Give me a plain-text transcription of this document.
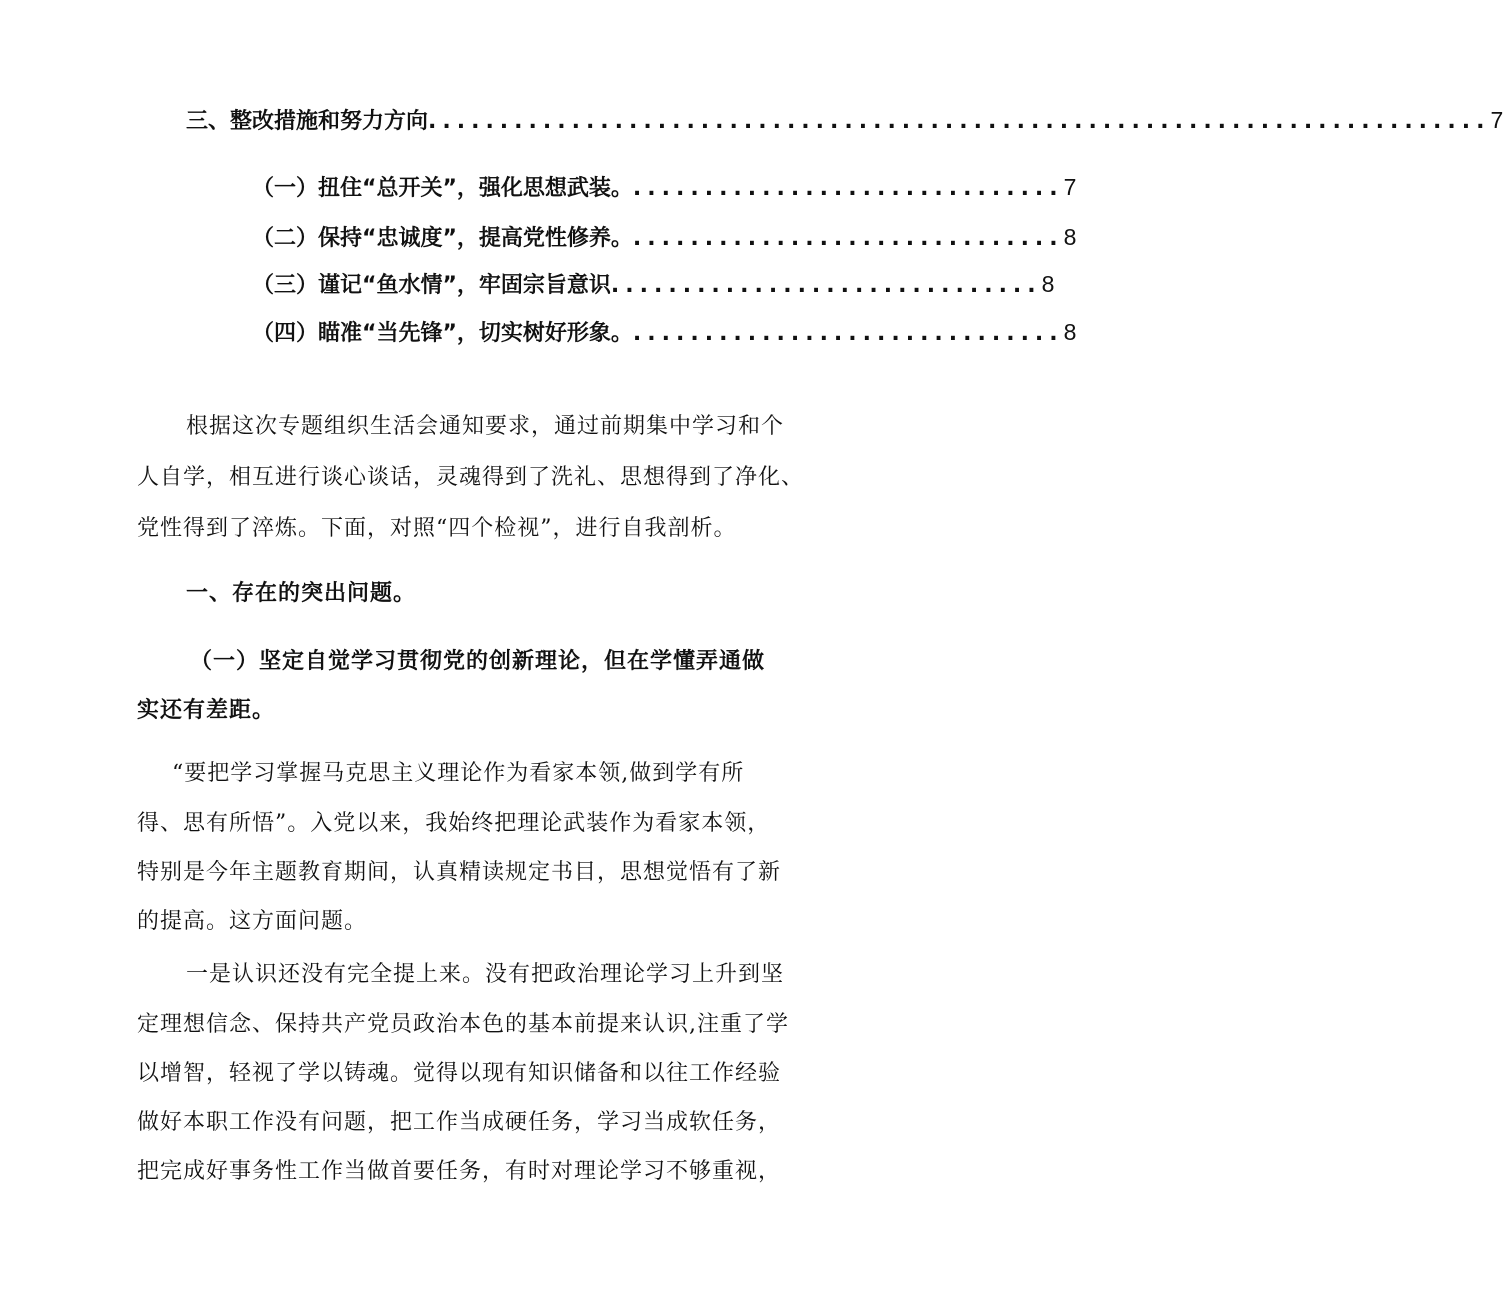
三、整改措施和努力方向 .......................................................................... 7
（一）扭住“总开关”，强化思想武装。 .............................. 7
（二）保持“忠诚度”，提高党性修养。 .............................. 8
（三）谨记“鱼水情”，牢固宗旨意识 .............................. 8
（四）瞄准“当先锋”，切实树好形象。 .............................. 8
根据这次专题组织生活会通知要求，通过前期集中学习和个
人自学，相互进行谈心谈话，灵魂得到了洗礼、思想得到了净化、
党性得到了淬炼。下面，对照“四个检视”，进行自我剖析。
一、存在的突出问题。
（一）坚定自觉学习贯彻党的创新理论，但在学懂弄通做
实还有差距。
“要把学习掌握马克思主义理论作为看家本领,做到学有所
得、思有所悟”。入党以来，我始终把理论武装作为看家本领，
特别是今年主题教育期间，认真精读规定书目，思想觉悟有了新
的提高。这方面问题。
一是认识还没有完全提上来。没有把政治理论学习上升到坚
定理想信念、保持共产党员政治本色的基本前提来认识,注重了学
以增智，轻视了学以铸魂。觉得以现有知识储备和以往工作经验
做好本职工作没有问题，把工作当成硬任务，学习当成软任务，
把完成好事务性工作当做首要任务，有时对理论学习不够重视，
